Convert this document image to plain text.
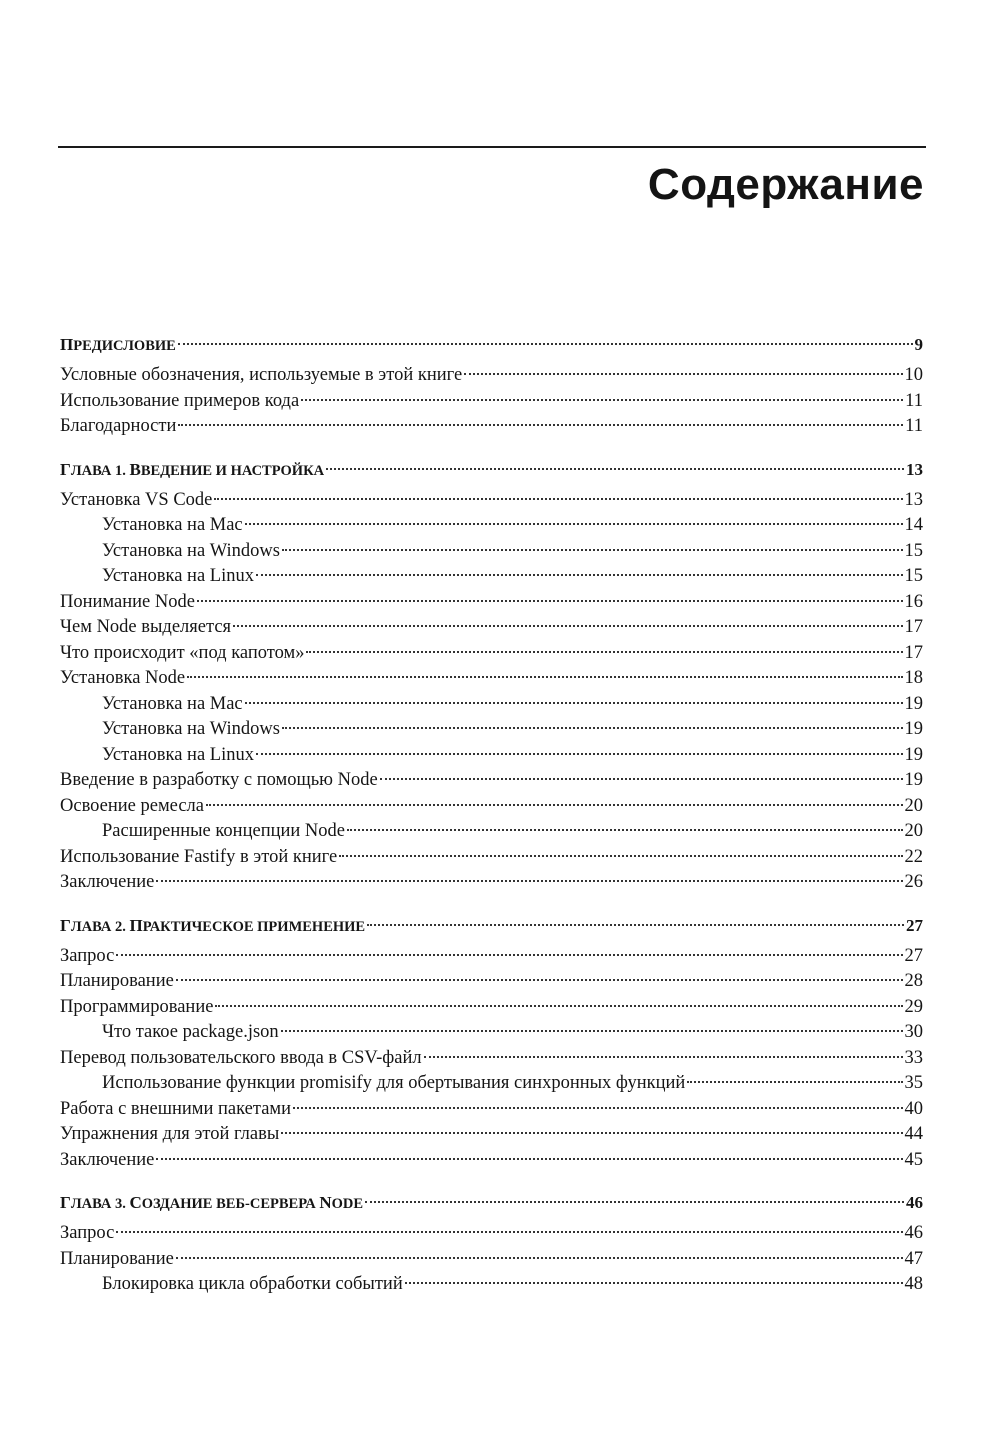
Содержание
ПРЕДИСЛОВИЕ	9
Условные обозначения, используемые в этой книге	10
Использование примеров кода	11
Благодарности	11
ГЛАВА 1. ВВЕДЕНИЕ И НАСТРОЙКА	13
Установка VS Code	13
Установка на Mac	14
Установка на Windows	15
Установка на Linux	15
Понимание Node	16
Чем Node выделяется	17
Что происходит «под капотом»	17
Установка Node	18
Установка на Mac	19
Установка на Windows	19
Установка на Linux	19
Введение в разработку с помощью Node	19
Освоение ремесла	20
Расширенные концепции Node	20
Использование Fastify в этой книге	22
Заключение	26
ГЛАВА 2. ПРАКТИЧЕСКОЕ ПРИМЕНЕНИЕ	27
Запрос	27
Планирование	28
Программирование	29
Что такое package.json	30
Перевод пользовательского ввода в CSV-файл	33
Использование функции promisify для обертывания синхронных функций	35
Работа с внешними пакетами	40
Упражнения для этой главы	44
Заключение	45
ГЛАВА 3. СОЗДАНИЕ ВЕБ-СЕРВЕРА NODE	46
Запрос	46
Планирование	47
Блокировка цикла обработки событий	48
